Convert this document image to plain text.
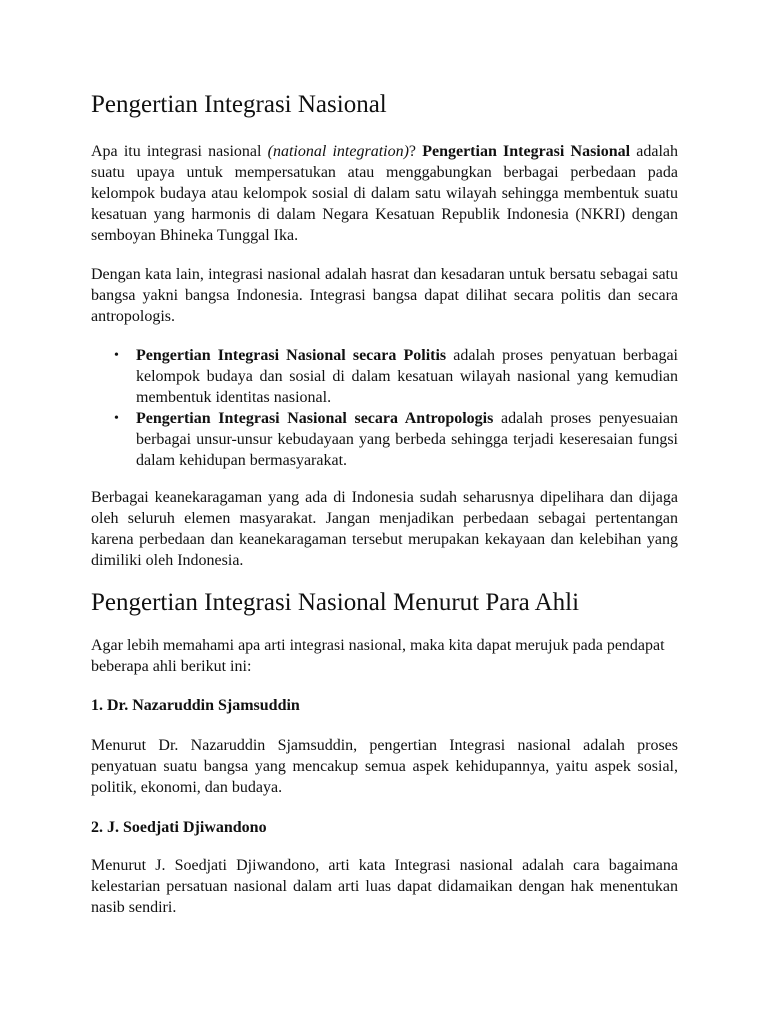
Pengertian Integrasi Nasional

Apa itu integrasi nasional (national integration)? Pengertian Integrasi Nasional adalah suatu upaya untuk mempersatukan atau menggabungkan berbagai perbedaan pada kelompok budaya atau kelompok sosial di dalam satu wilayah sehingga membentuk suatu kesatuan yang harmonis di dalam Negara Kesatuan Republik Indonesia (NKRI) dengan semboyan Bhineka Tunggal Ika.

Dengan kata lain, integrasi nasional adalah hasrat dan kesadaran untuk bersatu sebagai satu bangsa yakni bangsa Indonesia. Integrasi bangsa dapat dilihat secara politis dan secara antropologis.

• Pengertian Integrasi Nasional secara Politis adalah proses penyatuan berbagai kelompok budaya dan sosial di dalam kesatuan wilayah nasional yang kemudian membentuk identitas nasional.
• Pengertian Integrasi Nasional secara Antropologis adalah proses penyesuaian berbagai unsur-unsur kebudayaan yang berbeda sehingga terjadi keseresaian fungsi dalam kehidupan bermasyarakat.

Berbagai keanekaragaman yang ada di Indonesia sudah seharusnya dipelihara dan dijaga oleh seluruh elemen masyarakat. Jangan menjadikan perbedaan sebagai pertentangan karena perbedaan dan keanekaragaman tersebut merupakan kekayaan dan kelebihan yang dimiliki oleh Indonesia.

Pengertian Integrasi Nasional Menurut Para Ahli

Agar lebih memahami apa arti integrasi nasional, maka kita dapat merujuk pada pendapat beberapa ahli berikut ini:

1. Dr. Nazaruddin Sjamsuddin

Menurut Dr. Nazaruddin Sjamsuddin, pengertian Integrasi nasional adalah proses penyatuan suatu bangsa yang mencakup semua aspek kehidupannya, yaitu aspek sosial, politik, ekonomi, dan budaya.

2. J. Soedjati Djiwandono

Menurut J. Soedjati Djiwandono, arti kata Integrasi nasional adalah cara bagaimana kelestarian persatuan nasional dalam arti luas dapat didamaikan dengan hak menentukan nasib sendiri.
